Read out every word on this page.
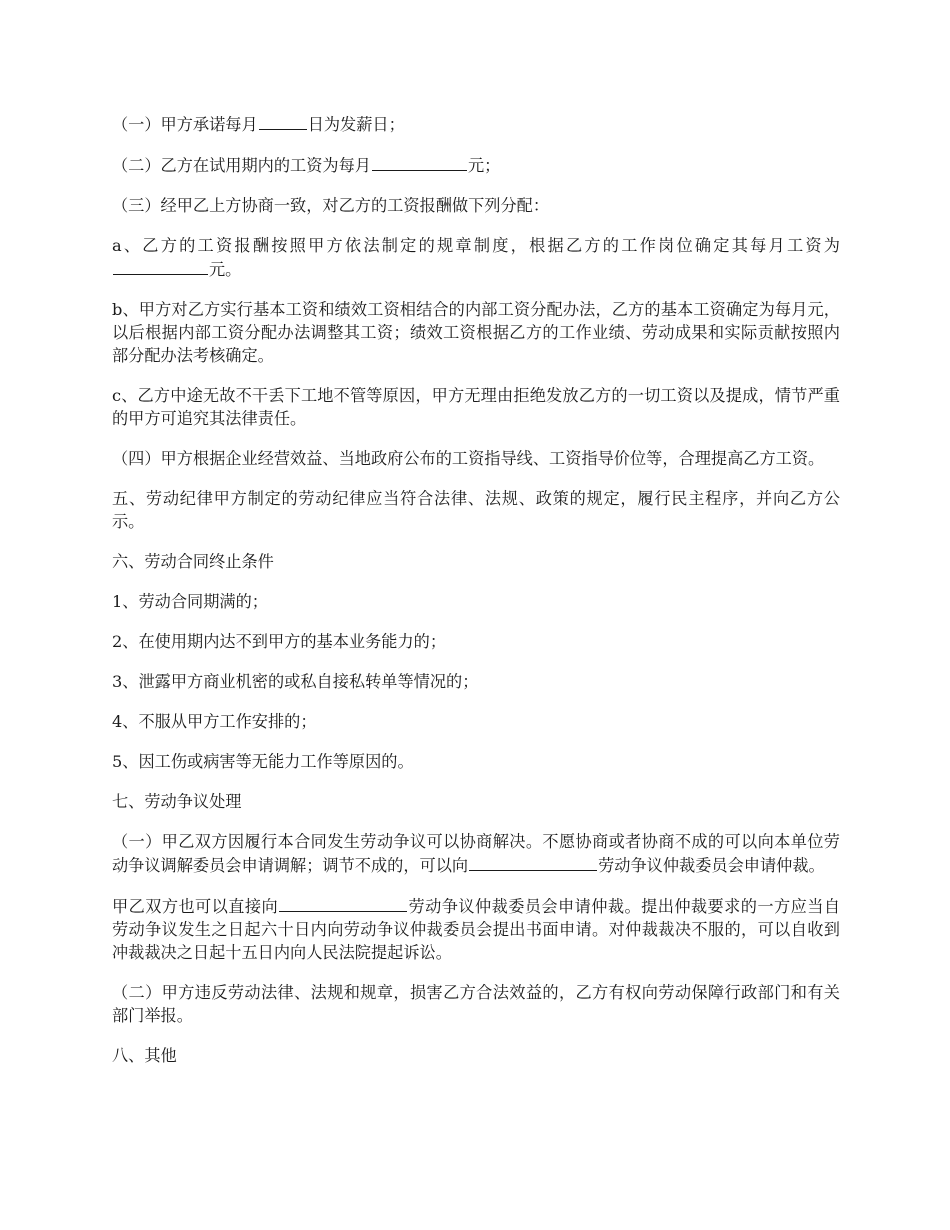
（一）甲方承诺每月	日为发薪日；

（二）乙方在试用期内的工资为每月	元；

（三）经甲乙上方协商一致，对乙方的工资报酬做下列分配：

a、乙方的工资报酬按照甲方依法制定的规章制度，根据乙方的工作岗位确定其每月工资为元。

b、甲方对乙方实行基本工资和绩效工资相结合的内部工资分配办法，乙方的基本工资确定为每月元，以后根据内部工资分配办法调整其工资；绩效工资根据乙方的工作业绩、劳动成果和实际贡献按照内部分配办法考核确定。

c、乙方中途无故不干丢下工地不管等原因，甲方无理由拒绝发放乙方的一切工资以及提成，情节严重的甲方可追究其法律责任。

（四）甲方根据企业经营效益、当地政府公布的工资指导线、工资指导价位等，合理提高乙方工资。

五、劳动纪律甲方制定的劳动纪律应当符合法律、法规、政策的规定，履行民主程序，并向乙方公示。

六、劳动合同终止条件

1、劳动合同期满的；

2、在使用期内达不到甲方的基本业务能力的；

3、泄露甲方商业机密的或私自接私转单等情况的；

4、不服从甲方工作安排的；

5、因工伤或病害等无能力工作等原因的。

七、劳动争议处理

（一）甲乙双方因履行本合同发生劳动争议可以协商解决。不愿协商或者协商不成的可以向本单位劳动争议调解委员会申请调解；调节不成的，可以向	劳动争议仲裁委员会申请仲裁。

甲乙双方也可以直接向	劳动争议仲裁委员会申请仲裁。提出仲裁要求的一方应当自劳动争议发生之日起六十日内向劳动争议仲裁委员会提出书面申请。对仲裁裁决不服的，可以自收到冲裁裁决之日起十五日内向人民法院提起诉讼。

（二）甲方违反劳动法律、法规和规章，损害乙方合法效益的，乙方有权向劳动保障行政部门和有关部门举报。

八、其他
